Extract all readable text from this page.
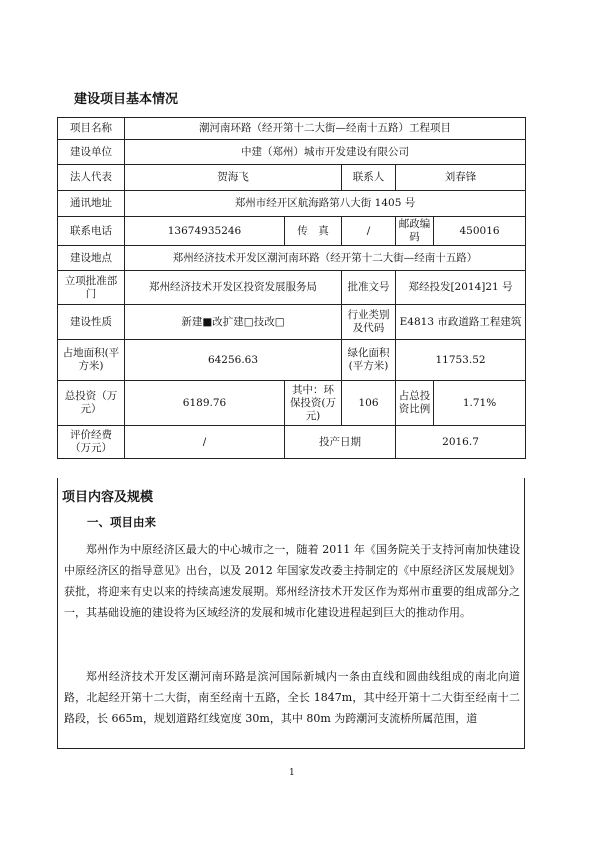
建设项目基本情况
项目名称	潮河南环路（经开第十二大街—经南十五路）工程项目				
建设单位	中建（郑州）城市开发建设有限公司				
法人代表	贺海飞		联系人	刘春锋	
通讯地址	郑州市经开区航海路第八大街 1405 号				
联系电话	13674935246	传　真	/	邮政编码	450016
建设地点	郑州经济技术开发区潮河南环路（经开第十二大街—经南十五路）				
立项批准部　　门	郑州经济技术开发区投资发展服务局		批准文号	郑经投发[2014]21 号	
建设性质	新建■改扩建□技改□		行业类别及代码	E4813 市政道路工程建筑	
占地面积(平方米)	64256.63		绿化面积(平方米)	11753.52	
总投资（万元）	6189.76	其中：环保投资(万元)	106	占总投资比例	1.71%
评价经费（万元）	/	投产日期		2016.7	
项目内容及规模
一、项目由来

郑州作为中原经济区最大的中心城市之一，随着 2011 年《国务院关于支持河南加快建设中原经济区的指导意见》出台，以及 2012 年国家发改委主持制定的《中原经济区发展规划》获批，将迎来有史以来的持续高速发展期。郑州经济技术开发区作为郑州市重要的组成部分之一，其基础设施的建设将为区域经济的发展和城市化建设进程起到巨大的推动作用。

郑州经济技术开发区潮河南环路是滨河国际新城内一条由直线和圆曲线组成的南北向道路，北起经开第十二大街，南至经南十五路，全长 1847m，其中经开第十二大街至经南十二路段，长 665m，规划道路红线宽度 30m，其中 80m 为跨潮河支流桥所属范围，道

1
